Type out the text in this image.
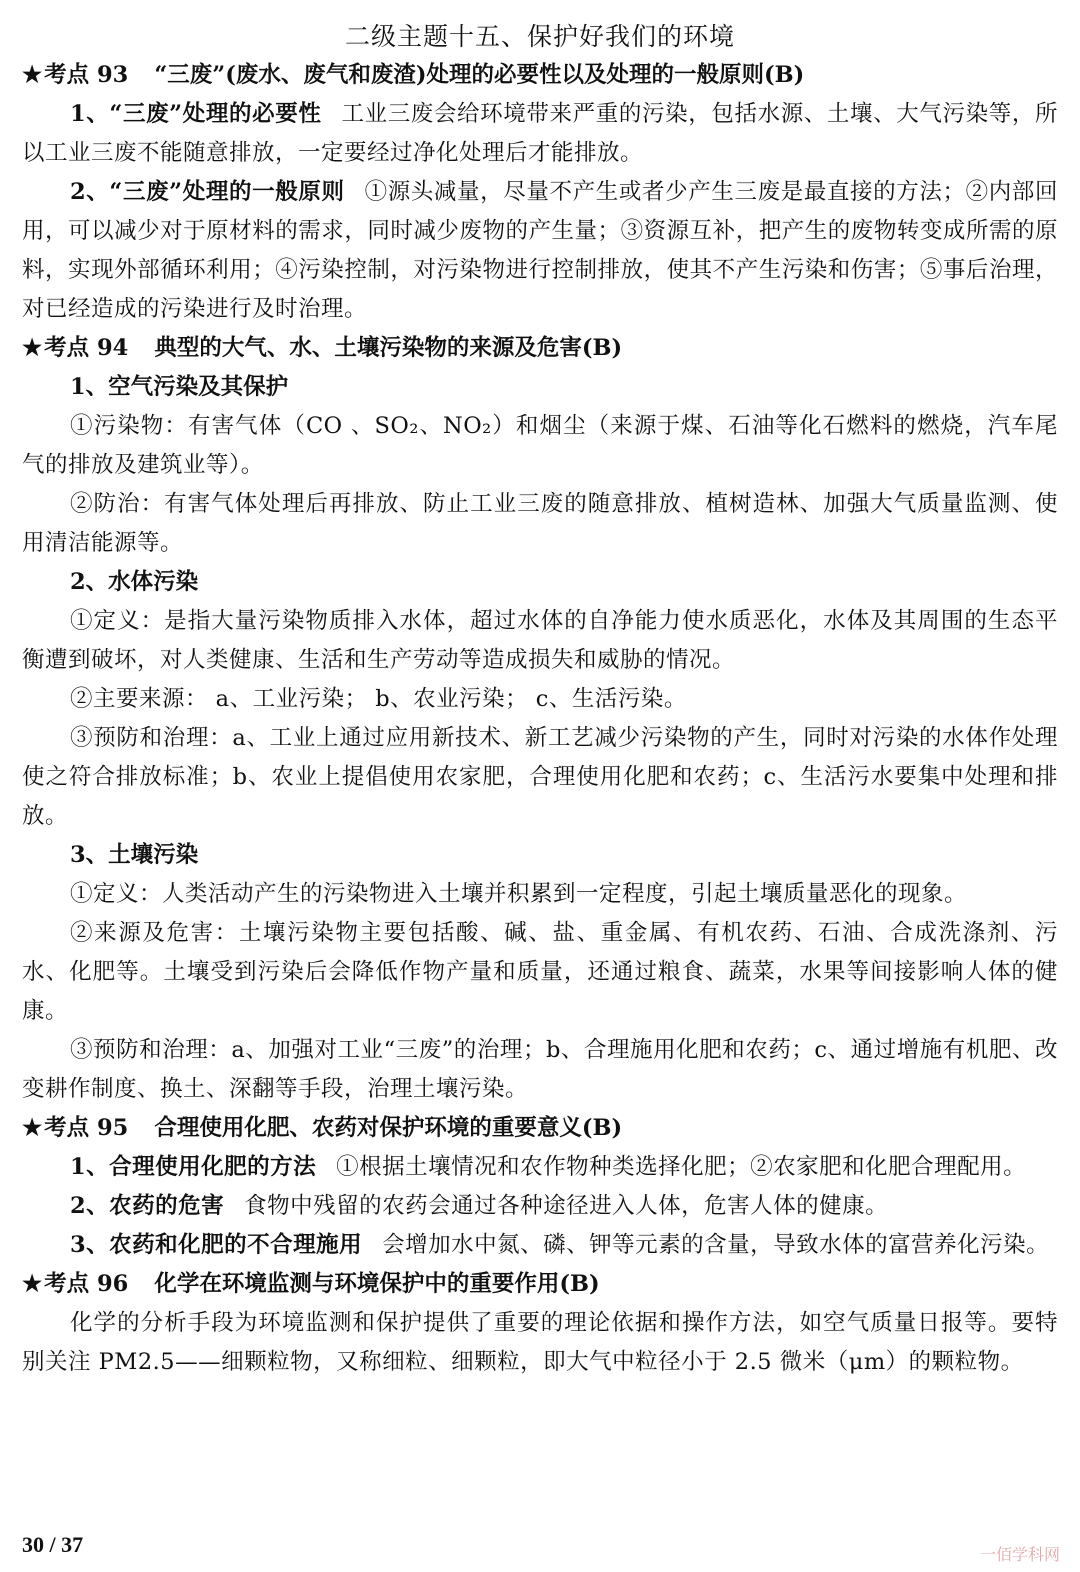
二级主题十五、保护好我们的环境
★考点 93 “三废”(废水、废气和废渣)处理的必要性以及处理的一般原则(B)

1、“三废”处理的必要性 工业三废会给环境带来严重的污染，包括水源、土壤、大气污染等，所以工业三废不能随意排放，一定要经过净化处理后才能排放。

2、“三废”处理的一般原则 ①源头减量，尽量不产生或者少产生三废是最直接的方法；②内部回用，可以减少对于原材料的需求，同时减少废物的产生量；③资源互补，把产生的废物转变成所需的原料，实现外部循环利用；④污染控制，对污染物进行控制排放，使其不产生污染和伤害；⑤事后治理，对已经造成的污染进行及时治理。

★考点 94 典型的大气、水、土壤污染物的来源及危害(B)
1、空气污染及其保护

①污染物：有害气体（CO 、SO₂、NO₂）和烟尘（来源于煤、石油等化石燃料的燃烧，汽车尾气的排放及建筑业等）。

②防治：有害气体处理后再排放、防止工业三废的随意排放、植树造林、加强大气质量监测、使用清洁能源等。

2、水体污染

①定义：是指大量污染物质排入水体，超过水体的自净能力使水质恶化，水体及其周围的生态平衡遭到破坏，对人类健康、生活和生产劳动等造成损失和威胁的情况。

②主要来源： a、工业污染； b、农业污染； c、生活污染。

③预防和治理：a、工业上通过应用新技术、新工艺减少污染物的产生，同时对污染的水体作处理使之符合排放标准；b、农业上提倡使用农家肥，合理使用化肥和农药；c、生活污水要集中处理和排放。

3、土壤污染

①定义：人类活动产生的污染物进入土壤并积累到一定程度，引起土壤质量恶化的现象。

②来源及危害：土壤污染物主要包括酸、碱、盐、重金属、有机农药、石油、合成洗涤剂、污水、化肥等。土壤受到污染后会降低作物产量和质量，还通过粮食、蔬菜，水果等间接影响人体的健康。

③预防和治理：a、加强对工业“三废”的治理；b、合理施用化肥和农药；c、通过增施有机肥、改变耕作制度、换土、深翻等手段，治理土壤污染。

★考点 95 合理使用化肥、农药对保护环境的重要意义(B)

1、合理使用化肥的方法 ①根据土壤情况和农作物种类选择化肥；②农家肥和化肥合理配用。

2、农药的危害 食物中残留的农药会通过各种途径进入人体，危害人体的健康。

3、农药和化肥的不合理施用 会增加水中氮、磷、钾等元素的含量，导致水体的富营养化污染。

★考点 96 化学在环境监测与环境保护中的重要作用(B)

化学的分析手段为环境监测和保护提供了重要的理论依据和操作方法，如空气质量日报等。要特别关注 PM2.5——细颗粒物，又称细粒、细颗粒，即大气中粒径小于 2.5 微米（μm）的颗粒物。

30 / 37	一佰学科网
